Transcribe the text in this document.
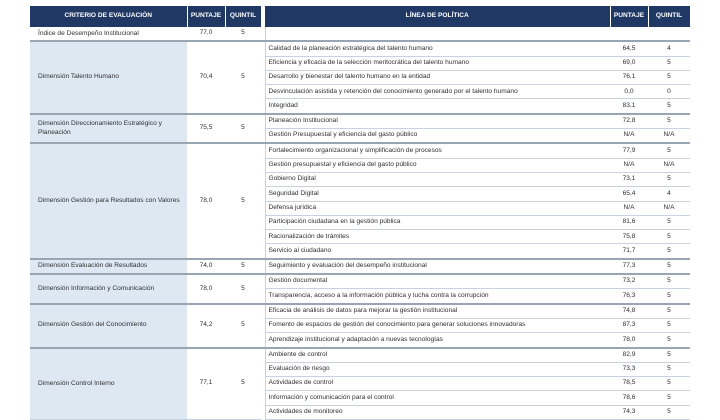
CRITERIO DE EVALUACIÓN	PUNTAJE	QUINTIL		LÍNEA DE POLÍTICA	PUNTAJE	QUINTIL
Índice de Desempeño Institucional	77,0	5				
Dimensión Talento Humano	70,4	5		Calidad de la planeación estratégica del talento humano	64,5	4
				Eficiencia y eficacia de la selección meritocrática del talento humano	69,0	5
				Desarrollo y bienestar del talento humano en la entidad	76,1	5
				Desvinculación asistida y retención del conocimiento generado por el talento humano	0,0	0
				Integridad	83,1	5
Dimensión Direccionamiento Estratégico y Planeación	75,5	5		Planeación Institucional	72,8	5
				Gestión Presupuestal y eficiencia del gasto público	N/A	N/A
Dimensión Gestión para Resultados con Valores	78,0	5		Fortalecimiento organizacional y simplificación de procesos	77,9	5
				Gestión presupuestal y eficiencia del gasto público	N/A	N/A
				Gobierno Digital	73,1	5
				Seguridad Digital	65,4	4
				Defensa jurídica	N/A	N/A
				Participación ciudadana en la gestión pública	81,6	5
				Racionalización de trámites	75,8	5
				Servicio al ciudadano	71,7	5
Dimensión Evaluación de Resultados	74,0	5		Seguimiento y evaluación del desempeño institucional	77,3	5
Dimensión Información y Comunicación	78,0	5		Gestión documental	73,2	5
				Transparencia, acceso a la información pública y lucha contra la corrupción	76,3	5
Dimensión Gestión del Conocimiento	74,2	5		Eficacia de análisis de datos para mejorar la gestión institucional	74,8	5
				Fomento de espacios de gestión del conocimiento para generar soluciones innovadoras	87,3	5
				Aprendizaje institucional y adaptación a nuevas tecnologías	78,0	5
Dimensión Control Interno	77,1	5		Ambiente de control	82,9	5
				Evaluación de riesgo	73,3	5
				Actividades de control	78,5	5
				Información y comunicación para el control	78,6	5
				Actividades de monitoreo	74,3	5
